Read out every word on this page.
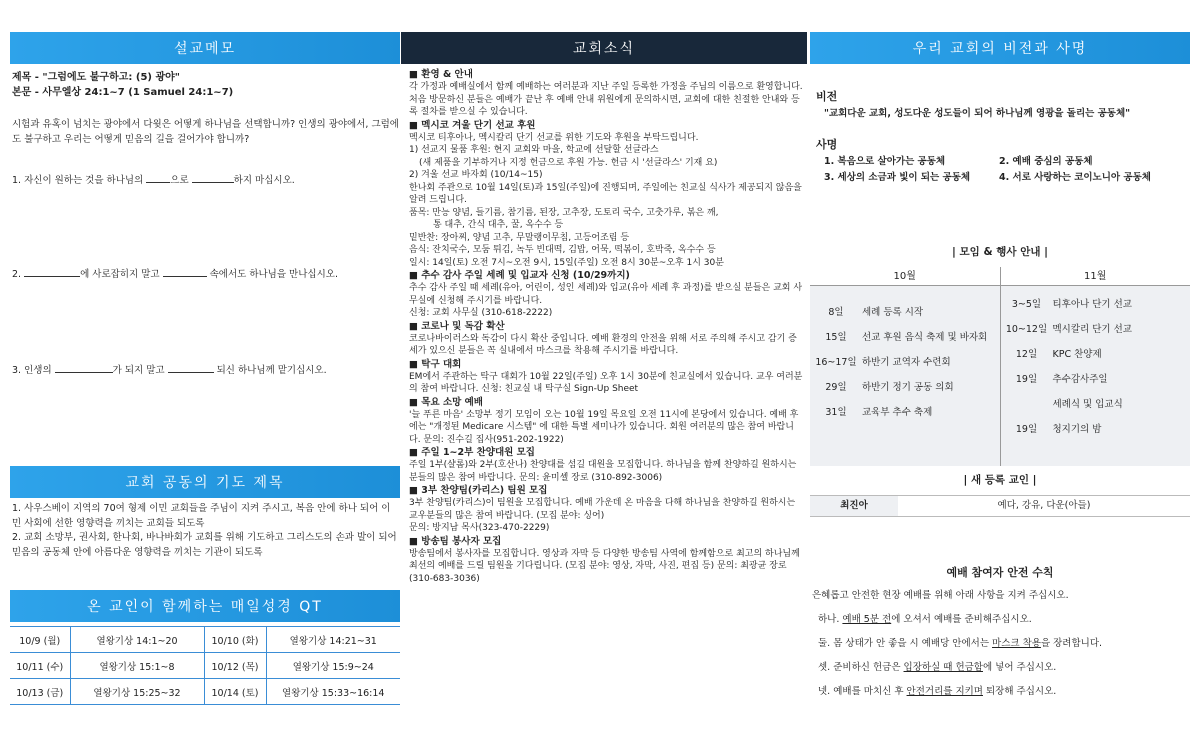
설교메모
제목 - "그럼에도 불구하고: (5) 광야"
본문 - 사무엘상 24:1~7 (1 Samuel 24:1~7)
시험과 유혹이 넘치는 광야에서 다윗은 어떻게 하나님을 선택합니까? 인생의 광야에서, 그럼에도 불구하고 우리는 어떻게 믿음의 길을 걸어가야 합니까?
1. 자신이 원하는 것을 하나님의	으로	하지 마십시오.
2.	에 사로잡히지 말고	속에서도 하나님을 만나십시오.
3. 인생의	가 되지 말고	되신 하나님께 맡기십시오.
교회 공동의 기도 제목
1. 사우스베이 지역의 70여 형제 이민 교회들을 주님이 지켜 주시고, 복음 안에 하나 되어 이민 사회에 선한 영향력을 끼치는 교회들 되도록
2. 교회 소망부, 권사회, 한나회, 바나바회가 교회를 위해 기도하고 그리스도의 손과 발이 되어 믿음의 공동체 안에 아름다운 영향력을 끼치는 기관이 되도록
온 교인이 함께하는 매일성경 QT
10/9 (월)	열왕기상 14:1~20	10/10 (화)	열왕기상 14:21~31
10/11 (수)	열왕기상 15:1~8	10/12 (목)	열왕기상 15:9~24
10/13 (금)	열왕기상 15:25~32	10/14 (토)	열왕기상 15:33~16:14
교회소식
■ 환영 & 안내
각 가정과 예배실에서 함께 예배하는 여러분과 지난 주일 등록한 가정을 주님의 이름으로 환영합니다. 처음 방문하신 분들은 예배가 끝난 후 예배 안내 위원에게 문의하시면, 교회에 대한 친절한 안내와 등록 절차를 받으실 수 있습니다.
■ 멕시코 겨울 단기 선교 후원
멕시코 티후아나, 멕시칼리 단기 선교를 위한 기도와 후원을 부탁드립니다.
1) 선교지 물품 후원: 현지 교회와 마을, 학교에 선달할 선글라스
(새 제품을 기부하거나 지정 헌금으로 후원 가능. 헌금 시 '선글라스' 기재 요)
2) 겨울 선교 바자회 (10/14~15)
한나회 주관으로 10월 14일(토)과 15일(주일)에 진행되며, 주일에는 친교실 식사가 제공되지 않음을 알려 드립니다.
품목: 만능 양념, 들기름, 참기름, 된장, 고추장, 도토리 국수, 고춧가루, 볶은 깨,
통 대추, 간식 대추, 꿀, 옥수수 등
밑반찬: 장아찌, 양념 고추, 무말랭이무침, 고등어조림 등
음식: 잔치국수, 모둠 튀김, 녹두 빈대떡, 김밥, 어묵, 떡볶이, 호박죽, 옥수수 등
일시: 14일(토) 오전 7시~오전 9시, 15일(주일) 오전 8시 30분~오후 1시 30분
■ 추수 감사 주일 세례 및 입교자 신청 (10/29까지)
추수 감사 주일 때 세례(유아, 어린이, 성인 세례)와 입교(유아 세례 후 과정)를 받으실 분들은 교회 사무실에 신청해 주시기를 바랍니다.
신청: 교회 사무실 (310-618-2222)
■ 코로나 및 독감 확산
코로나바이러스와 독감이 다시 확산 중입니다. 예배 환경의 안전을 위해 서로 주의해 주시고 감기 증세가 있으신 분들은 꼭 실내에서 마스크를 착용해 주시기를 바랍니다.
■ 탁구 대회
EM에서 주관하는 탁구 대회가 10월 22일(주일) 오후 1시 30분에 친교실에서 있습니다. 교우 여러분의 참여 바랍니다. 신청: 친교실 내 탁구실 Sign-Up Sheet
■ 목요 소망 예배
'늘 푸른 마음' 소망부 정기 모임이 오는 10월 19일 목요일 오전 11시에 본당에서 있습니다. 예배 후에는 "개정된 Medicare 시스템" 에 대한 특별 세미나가 있습니다. 회원 여러분의 많은 참여 바랍니다. 문의: 진수길 집사(951-202-1922)
■ 주일 1~2부 찬양대원 모집
주일 1부(샬롬)와 2부(호산나) 찬양대를 섬길 대원을 모집합니다. 하나님을 함께 찬양하길 원하시는 분들의 많은 참여 바랍니다. 문의: 윤미셸 장로 (310-892-3006)
■ 3부 찬양팀(카리스) 팀원 모집
3부 찬양팀(카리스)이 팀원을 모집합니다. 예배 가운데 온 마음을 다해 하나님을 찬양하길 원하시는 교우분들의 많은 참여 바랍니다. (모집 분야: 싱어)
문의: 방지남 목사(323-470-2229)
■ 방송팀 봉사자 모집
방송팀에서 봉사자를 모집합니다. 영상과 자막 등 다양한 방송팀 사역에 함께함으로 최고의 하나님께 최선의 예배를 드릴 팀원을 기다립니다. (모집 분야: 영상, 자막, 사진, 편집 등) 문의: 최광균 장로 (310-683-3036)
우리 교회의 비전과 사명
비전
"교회다운 교회, 성도다운 성도들이 되어 하나님께 영광을 돌리는 공동체"
사명
1. 복음으로 살아가는 공동체	2. 예배 중심의 공동체
3. 세상의 소금과 빛이 되는 공동체	4. 서로 사랑하는 코이노니아 공동체
| 모임 & 행사 안내 |
10월	11월
8일	세례 등록 시작
15일	선교 후원 음식 축제 및 바자회
16~17일 하반기 교역자 수련회
29일	하반기 정기 공동 의회
31일	교육부 추수 축제
3~5일	티후아나 단기 선교
10~12일 멕시칼리 단기 선교
12일	KPC 찬양제
19일	추수감사주일
세례식 및 입교식
19일	청지기의 밤
| 새 등록 교인 |
최진아	예다, 강유, 다운(아들)
예배 참여자 안전 수칙
은혜롭고 안전한 현장 예배를 위해 아래 사항을 지켜 주십시오.
하나. 예배 5분 전에 오셔서 예배를 준비해주십시오.
둘. 몸 상태가 안 좋을 시 예배당 안에서는 마스크 착용을 장려합니다.
셋. 준비하신 헌금은 입장하실 때 헌금함에 넣어 주십시오.
넷. 예배를 마치신 후 안전거리를 지키며 퇴장해 주십시오.
